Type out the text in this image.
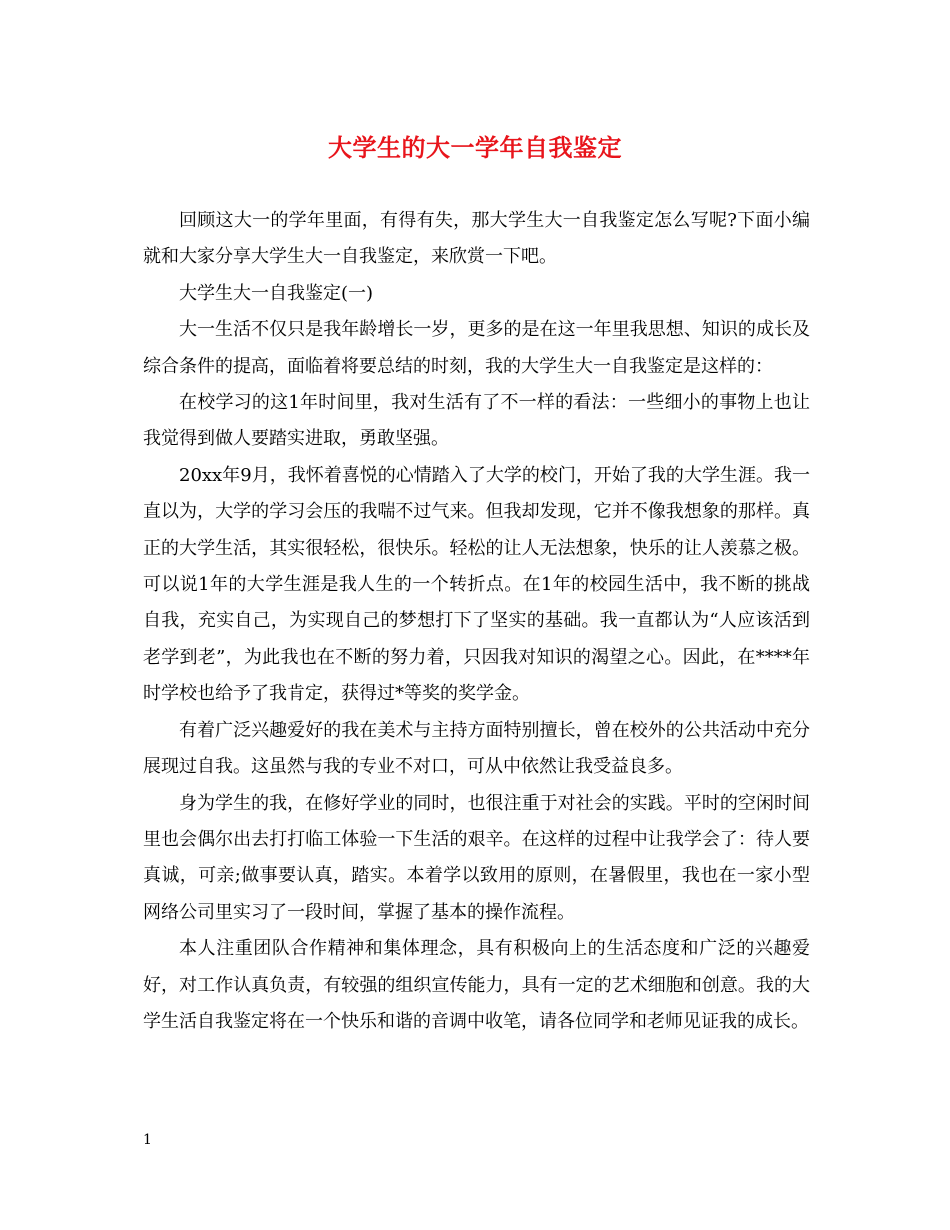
大学生的大一学年自我鉴定

回顾这大一的学年里面，有得有失，那大学生大一自我鉴定怎么写呢?下面小编就和大家分享大学生大一自我鉴定，来欣赏一下吧。

大学生大一自我鉴定(一)

大一生活不仅只是我年龄增长一岁，更多的是在这一年里我思想、知识的成长及综合条件的提高，面临着将要总结的时刻，我的大学生大一自我鉴定是这样的：

在校学习的这1年时间里，我对生活有了不一样的看法：一些细小的事物上也让我觉得到做人要踏实进取，勇敢坚强。

20xx年9月，我怀着喜悦的心情踏入了大学的校门，开始了我的大学生涯。我一直以为，大学的学习会压的我喘不过气来。但我却发现，它并不像我想象的那样。真正的大学生活，其实很轻松，很快乐。轻松的让人无法想象，快乐的让人羡慕之极。可以说1年的大学生涯是我人生的一个转折点。在1年的校园生活中，我不断的挑战自我，充实自己，为实现自己的梦想打下了坚实的基础。我一直都认为“人应该活到老学到老”，为此我也在不断的努力着，只因我对知识的渴望之心。因此，在****年时学校也给予了我肯定，获得过*等奖的奖学金。

有着广泛兴趣爱好的我在美术与主持方面特别擅长，曾在校外的公共活动中充分展现过自我。这虽然与我的专业不对口，可从中依然让我受益良多。

身为学生的我，在修好学业的同时，也很注重于对社会的实践。平时的空闲时间里也会偶尔出去打打临工体验一下生活的艰辛。在这样的过程中让我学会了：待人要真诚，可亲;做事要认真，踏实。本着学以致用的原则，在暑假里，我也在一家小型网络公司里实习了一段时间，掌握了基本的操作流程。

本人注重团队合作精神和集体理念，具有积极向上的生活态度和广泛的兴趣爱好，对工作认真负责，有较强的组织宣传能力，具有一定的艺术细胞和创意。我的大学生活自我鉴定将在一个快乐和谐的音调中收笔，请各位同学和老师见证我的成长。

1
